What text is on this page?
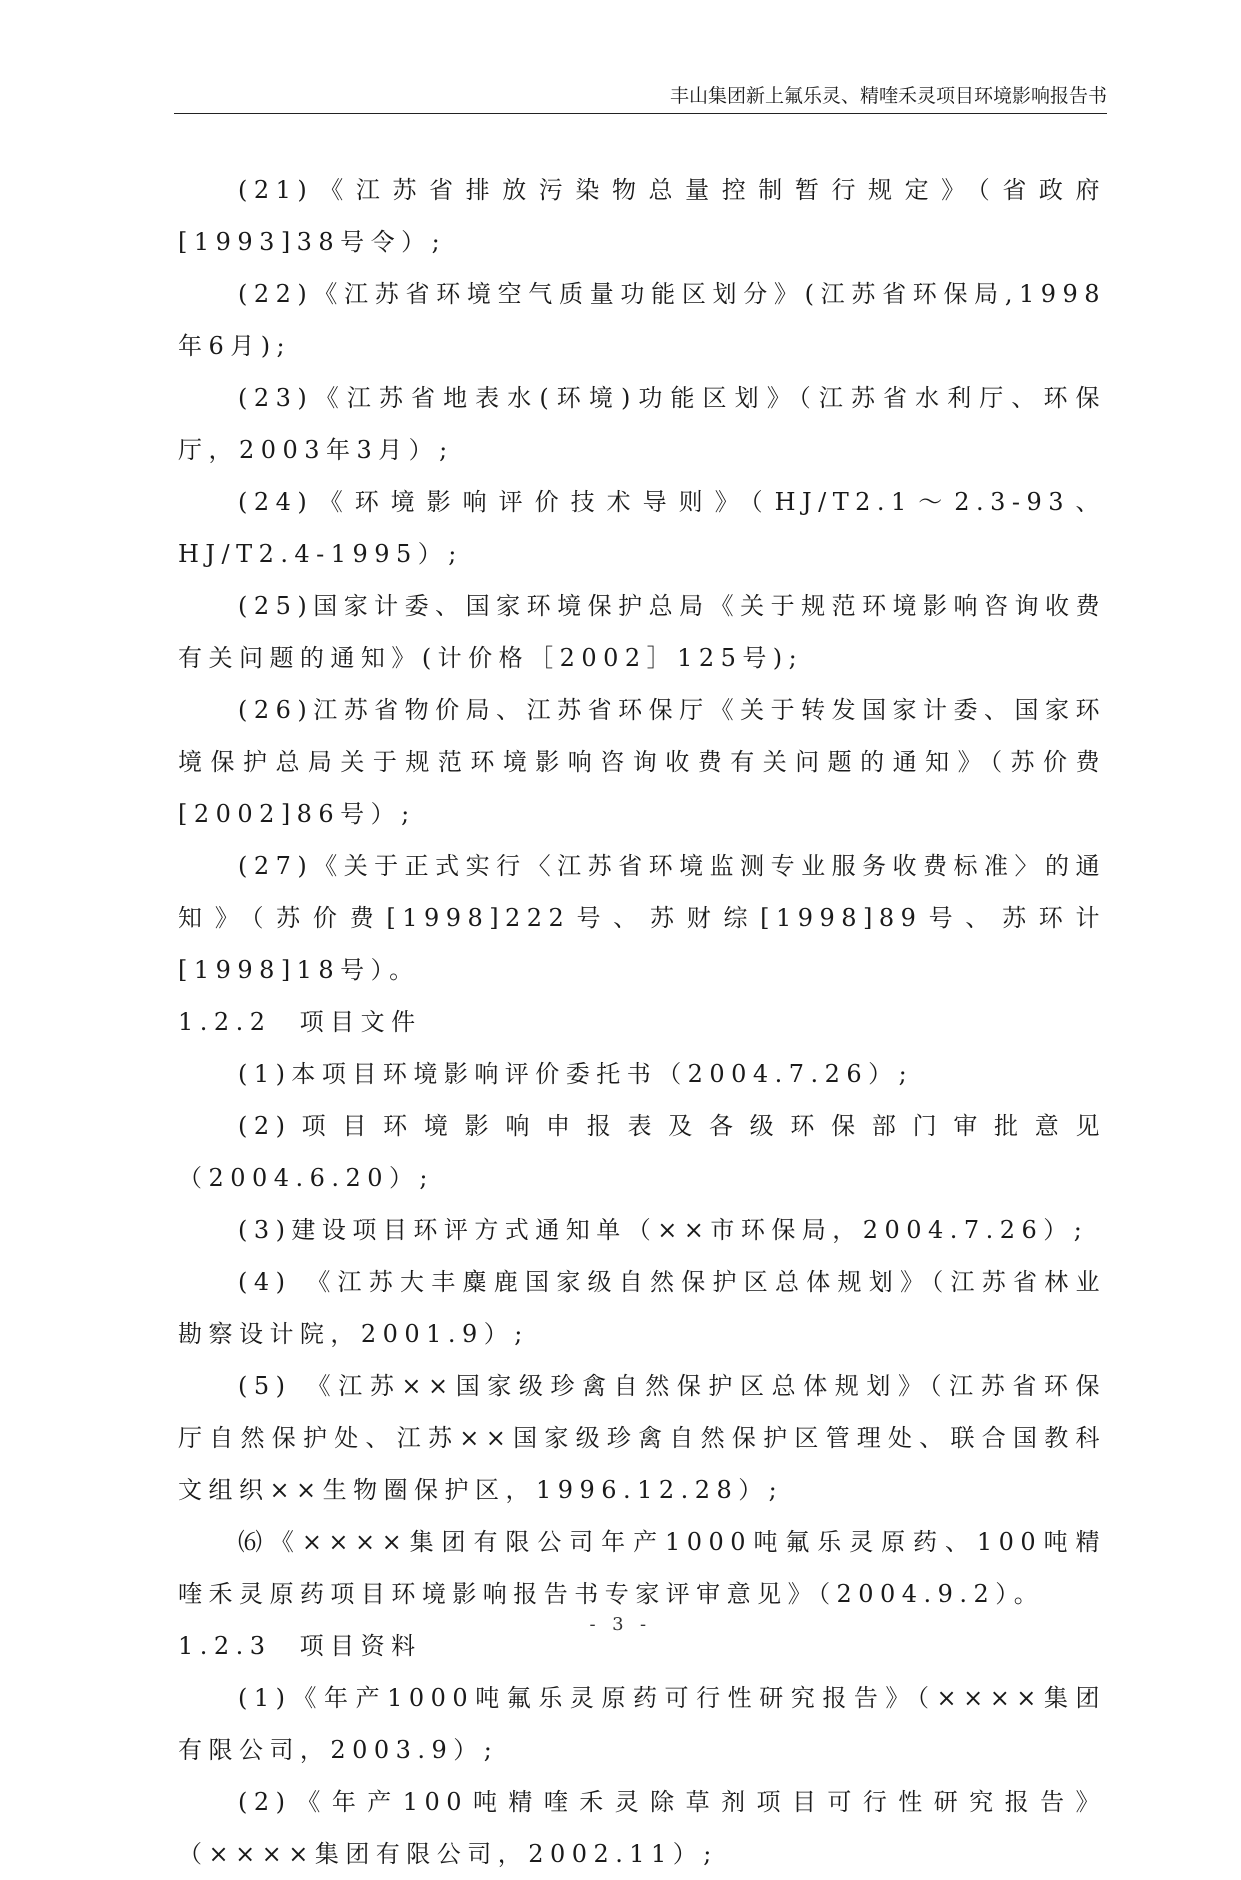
丰山集团新上氟乐灵、精喹禾灵项目环境影响报告书

(21)《江苏省排放污染物总量控制暂行规定》（省政府[1993]38号令）;

(22)《江苏省环境空气质量功能区划分》(江苏省环保局,1998年6月);

(23)《江苏省地表水(环境)功能区划》（江苏省水利厅、环保厅，2003年3月）;

(24)《环境影响评价技术导则》（HJ/T2.1～2.3-93、HJ/T2.4-1995）;

(25)国家计委、国家环境保护总局《关于规范环境影响咨询收费有关问题的通知》(计价格［2002］125号);

(26)江苏省物价局、江苏省环保厅《关于转发国家计委、国家环境保护总局关于规范环境影响咨询收费有关问题的通知》（苏价费[2002]86号）;

(27)《关于正式实行〈江苏省环境监测专业服务收费标准〉的通知》（苏价费[1998]222号、苏财综[1998]89号、苏环计[1998]18号）。

1.2.2  项目文件

(1)本项目环境影响评价委托书（2004.7.26）;

(2)项目环境影响申报表及各级环保部门审批意见（2004.6.20）;

(3)建设项目环评方式通知单（××市环保局，2004.7.26）;

(4) 《江苏大丰麋鹿国家级自然保护区总体规划》（江苏省林业勘察设计院，2001.9）;

(5) 《江苏××国家级珍禽自然保护区总体规划》（江苏省环保厅自然保护处、江苏××国家级珍禽自然保护区管理处、联合国教科文组织××生物圈保护区，1996.12.28）;

⑹《××××集团有限公司年产1000吨氟乐灵原药、100吨精喹禾灵原药项目环境影响报告书专家评审意见》（2004.9.2）。

1.2.3  项目资料

(1)《年产1000吨氟乐灵原药可行性研究报告》（××××集团有限公司，2003.9）;

(2)《年产100吨精喹禾灵除草剂项目可行性研究报告》（××××集团有限公司，2002.11）;

- 3 -
